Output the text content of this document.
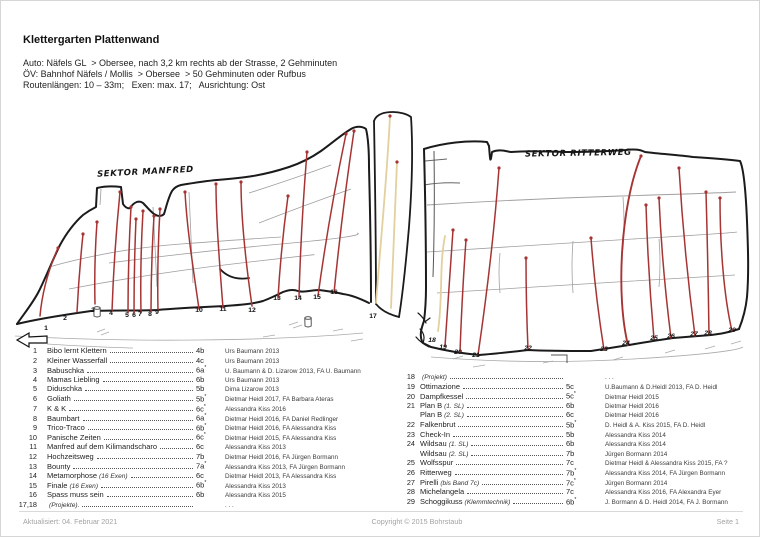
Klettergarten Plattenwand
Auto: Näfels GL  > Obersee, nach 3,2 km rechts ab der Strasse, 2 Gehminuten
ÖV: Bahnhof Näfels / Mollis  > Obersee  > 50 Gehminuten oder Rufbus
Routenlängen: 10 – 33m;   Exen: max. 17;   Ausrichtung: Ost
SEKTOR MANFRED
1
2
3 4 5 6 7 8 9	10 11	12
13 14 15
16
17
SEKTOR RITTERWEG
18
19
20 21
22	23
24
25 26 27 28 29
1 Bibo lernt Klettern	4b	Urs Baumann 2013
2 Kleiner Wasserfall	4c	Urs Baumann 2013
3 Babuschka	6a*	U. Baumann & D. Lizarow 2013, FA U. Baumann
4 Mamas Liebling	6b	Urs Baumann 2013
5 Diduschka	5b	Dima Lizarow 2013
6 Goliath	5b*	Dietmar Heidl 2017, FA Barbara Ateras
7 K & K	6c*	Alessandra Kiss 2016
8 Baumbart	6a*	Dietmar Heidl 2016, FA Daniel Redlinger
9 Trico-Traco	6b*	Dietmar Heidl 2016, FA Alessandra Kiss
10 Panische Zeiten	6c*	Dietmar Heidl 2015, FA Alessandra Kiss
11 Manfred auf dem Kilimandscharo	6c	Alessandra Kiss 2013
12 Hochzeitsweg	7b	Dietmar Heidl 2016, FA Jürgen Bormann
13 Bounty	7a*	Alessandra Kiss 2013, FA Jürgen Bormann
14 Metamorphose (16 Exen)	6c	Dietmar Heidl 2013, FA Alessandra Kiss
15 Finale (16 Exen)	6b*	Alessandra Kiss 2013
16 Spass muss sein	6b	Alessandra Kiss 2015
17,18 (Projekte).	. . .
18 (Projekt)	. . .
19 Ottimazione	5c	U.Baumann & D.Heidl 2013, FA D. Heidl
20 Dampfkessel	5c*	Dietmar Heidl 2015
21 Plan B (1. SL)	6b	Dietmar Heidl 2016
Plan B (2. SL)	6c	Dietmar Heidl 2016
22 Falkenbrut	5b*	D. Heidl & A. Kiss 2015, FA D. Heidl
23 Check-In	5b	Alessandra Kiss 2014
24 Wildsau (1. SL)	6b	Alessandra Kiss 2014
Wildsau (2. SL)	7b	Jürgen Bormann 2014
25 Wolfsspur	7c	Dietmar Heidl & Alessandra Kiss 2015, FA ?
26 Ritterweg	7b*	Alessandra Kiss 2014, FA Jürgen Bormann
27 Pirelli (bis Band 7c)	7c*	Jürgen Bormann 2014
28 Michelangela	7c	Alessandra Kiss 2016, FA Alexandra Eyer
29 Schoggikuss (Klemmtechnik)	6b*	J. Bormann & D. Heidl 2014, FA J. Bormann
Aktualisiert: 04. Februar 2021	Copyright © 2015 Bohrstaub	Seite 1
